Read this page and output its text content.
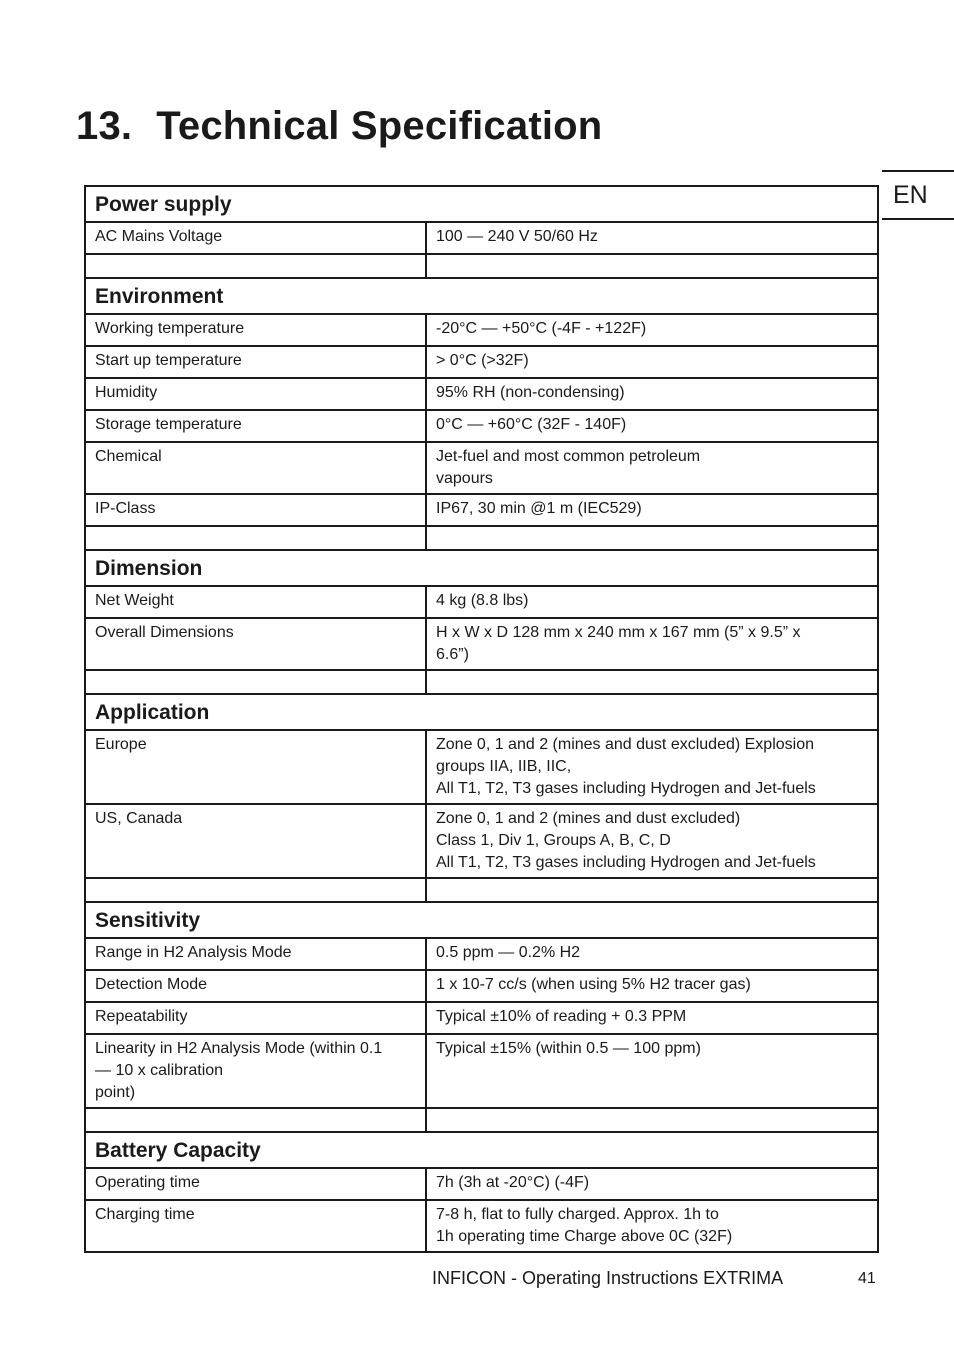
13. Technical Specification
EN
Power supply	

AC Mains Voltage	100 — 240 V 50/60 Hz

Environment	

Working temperature	-20°C — +50°C (-4F - +122F)

Start up temperature	> 0°C (>32F)

Humidity	95% RH (non-condensing)

Storage temperature	0°C — +60°C (32F - 140F)

Chemical	Jet-fuel and most common petroleum
vapours

IP-Class	IP67, 30 min @1 m (IEC529)

Dimension	

Net Weight	4 kg (8.8 lbs)

Overall Dimensions	H x W x D 128 mm x 240 mm x 167 mm (5” x 9.5” x
6.6”)

Application	

Europe	Zone 0, 1 and 2 (mines and dust excluded) Explosion
groups IIA, IIB, IIC,
All T1, T2, T3 gases including Hydrogen and Jet-fuels

US, Canada	Zone 0, 1 and 2 (mines and dust excluded)
Class 1, Div 1, Groups A, B, C, D
All T1, T2, T3 gases including Hydrogen and Jet-fuels

Sensitivity	

Range in H2 Analysis Mode	0.5 ppm — 0.2% H2

Detection Mode	1 x 10-7 cc/s (when using 5% H2 tracer gas)

Repeatability	Typical ±10% of reading + 0.3 PPM

Linearity in H2 Analysis Mode (within 0.1
— 10 x calibration
point)	Typical ±15% (within 0.5 — 100 ppm)

Battery Capacity	

Operating time	7h (3h at -20°C) (-4F)

Charging time	7-8 h, flat to fully charged. Approx. 1h to
1h operating time Charge above 0C (32F)
INFICON - Operating Instructions EXTRIMA	41
